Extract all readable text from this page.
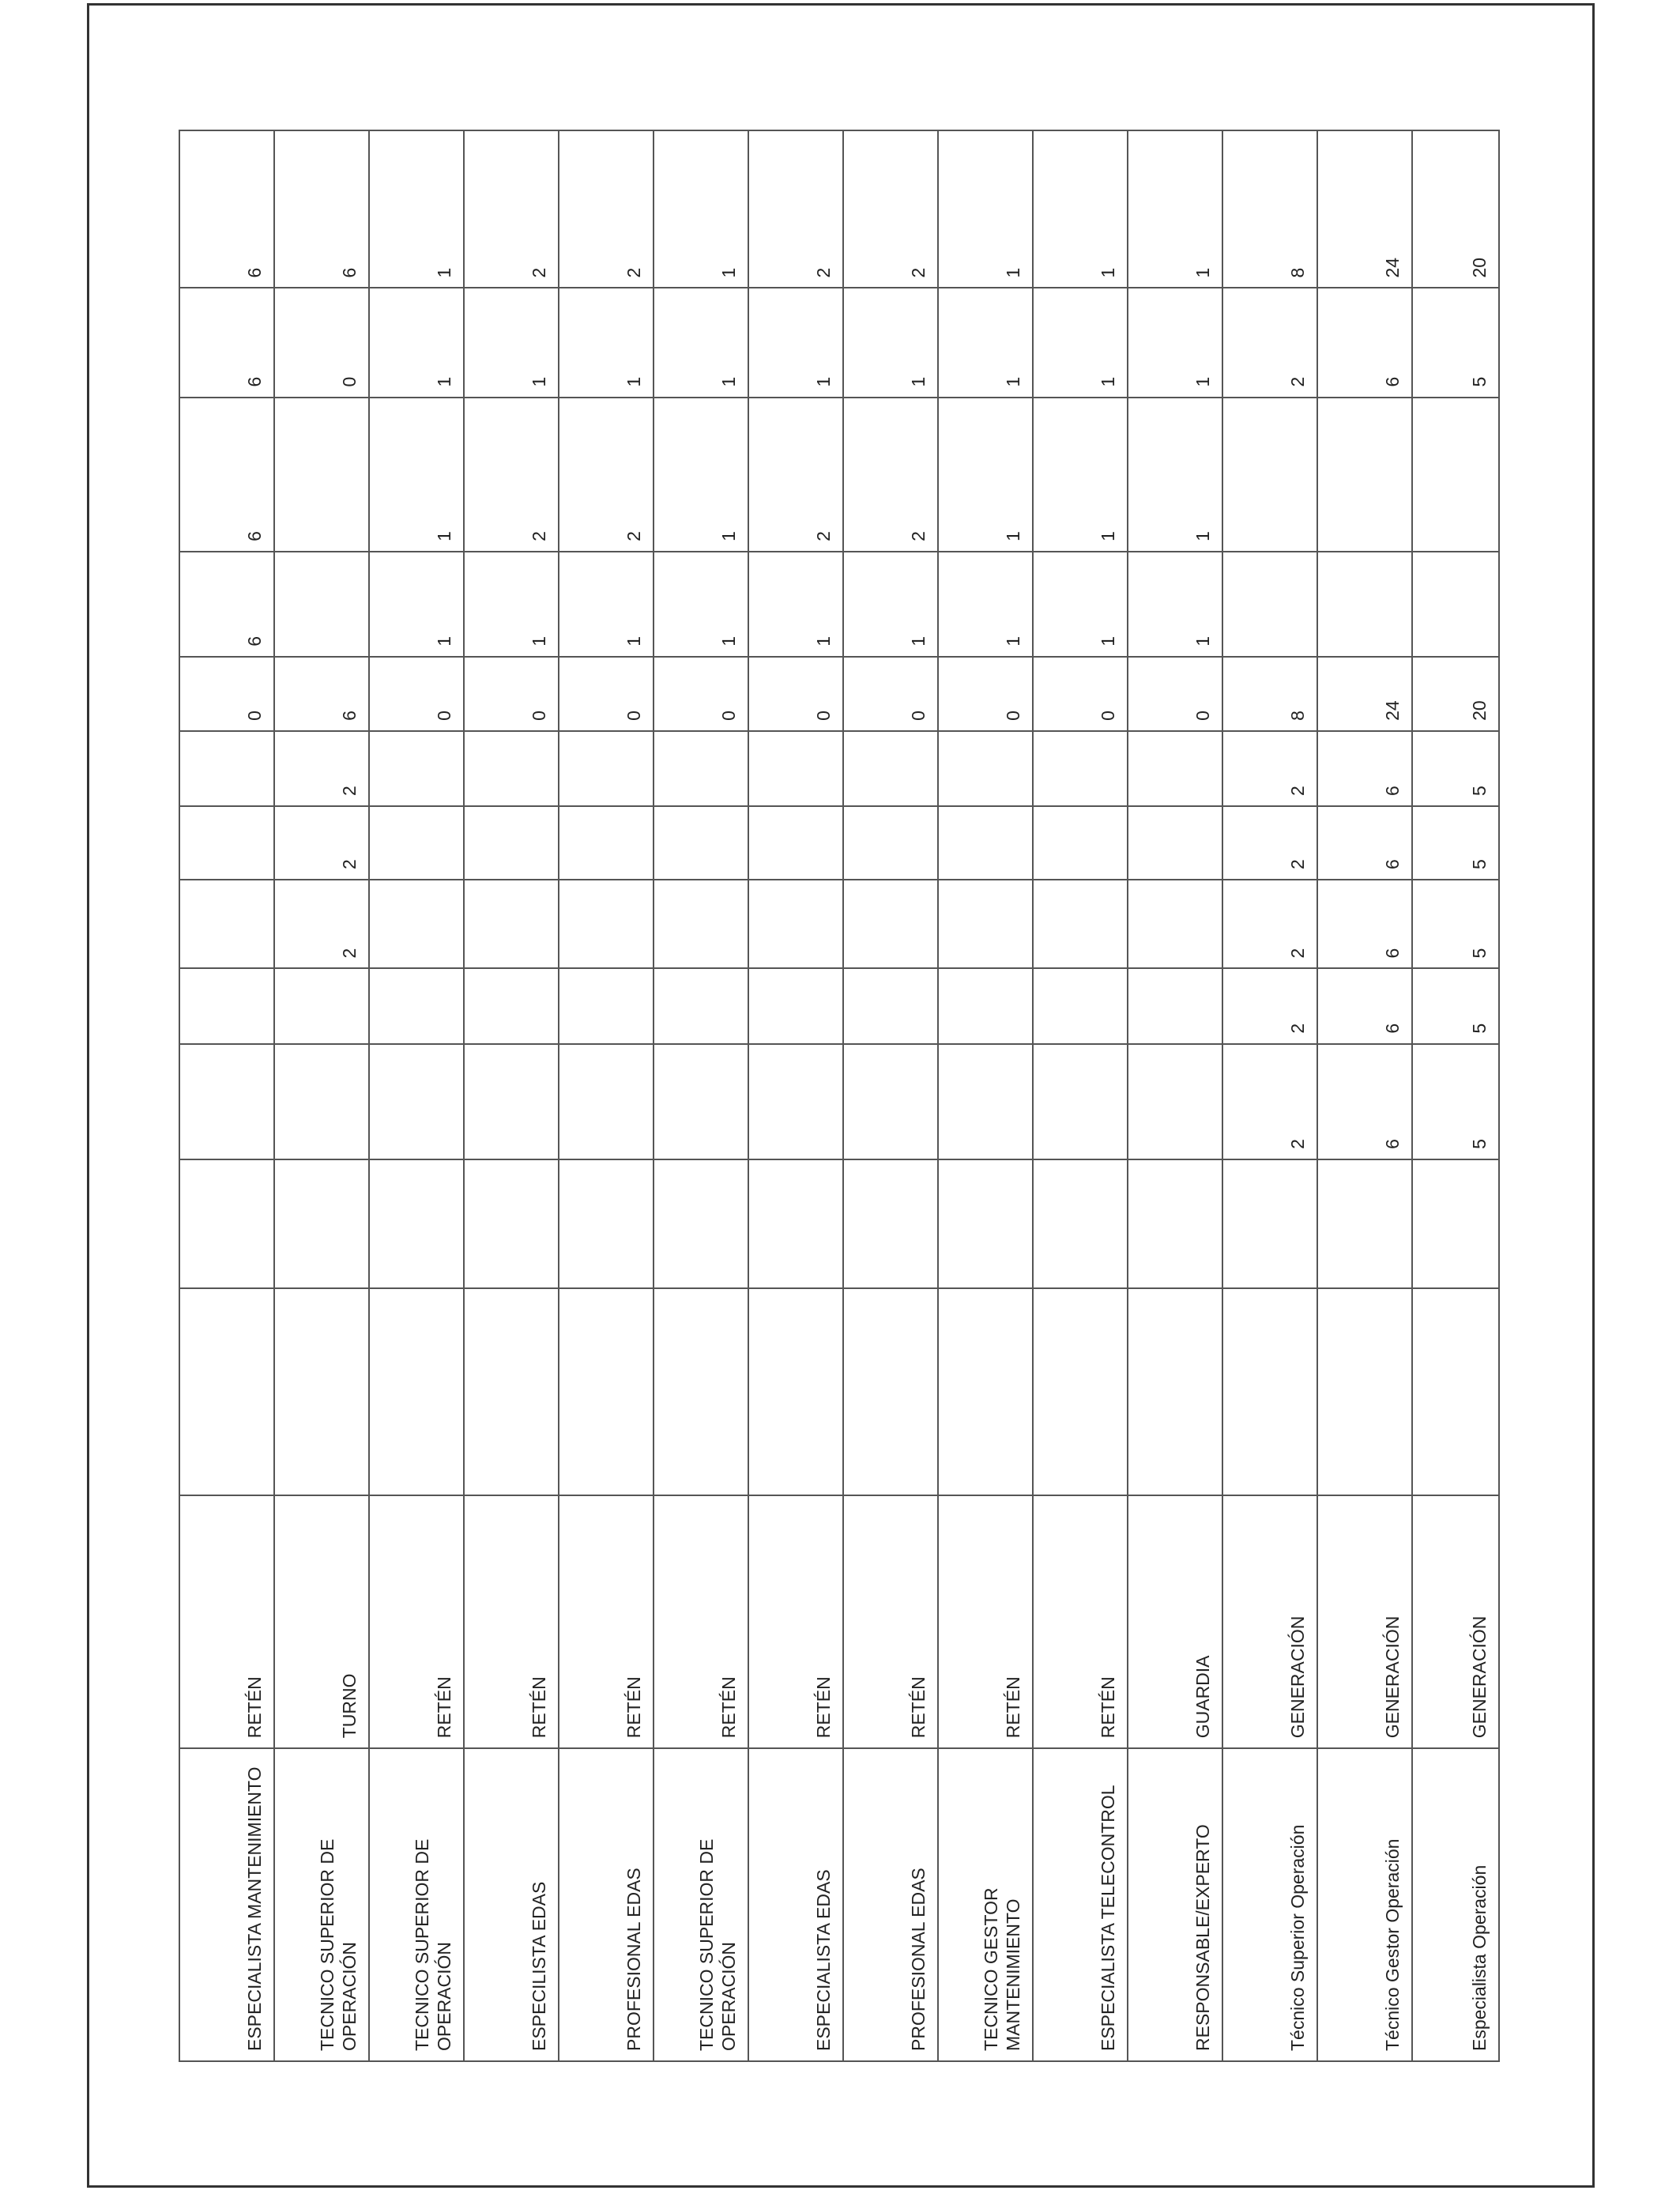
ESPECIALISTA MANTENIMIENTO	RETÉN								0	6	6	6	6

TECNICO SUPERIOR DE OPERACIÓN	TURNO					2	2	2	6			0	6

TECNICO SUPERIOR DE OPERACIÓN	RETÉN								0	1	1	1	1

ESPECILISTA EDAS	RETÉN								0	1	2	1	2

PROFESIONAL EDAS	RETÉN								0	1	2	1	2

TECNICO SUPERIOR DE OPERACIÓN	RETÉN								0	1	1	1	1

ESPECIALISTA EDAS	RETÉN								0	1	2	1	2

PROFESIONAL EDAS	RETÉN								0	1	2	1	2

TECNICO GESTOR MANTENIMIENTO	RETÉN								0	1	1	1	1

ESPECIALISTA TELECONTROL	RETÉN								0	1	1	1	1

RESPONSABLE/EXPERTO	GUARDIA								0	1	1	1	1

Técnico Superior Operación	GENERACIÓN			2	2	2	2	2	8			2	8

Técnico Gestor Operación	GENERACIÓN			6	6	6	6	6	24			6	24

Especialista Operación	GENERACIÓN			5	5	5	5	5	20			5	20
